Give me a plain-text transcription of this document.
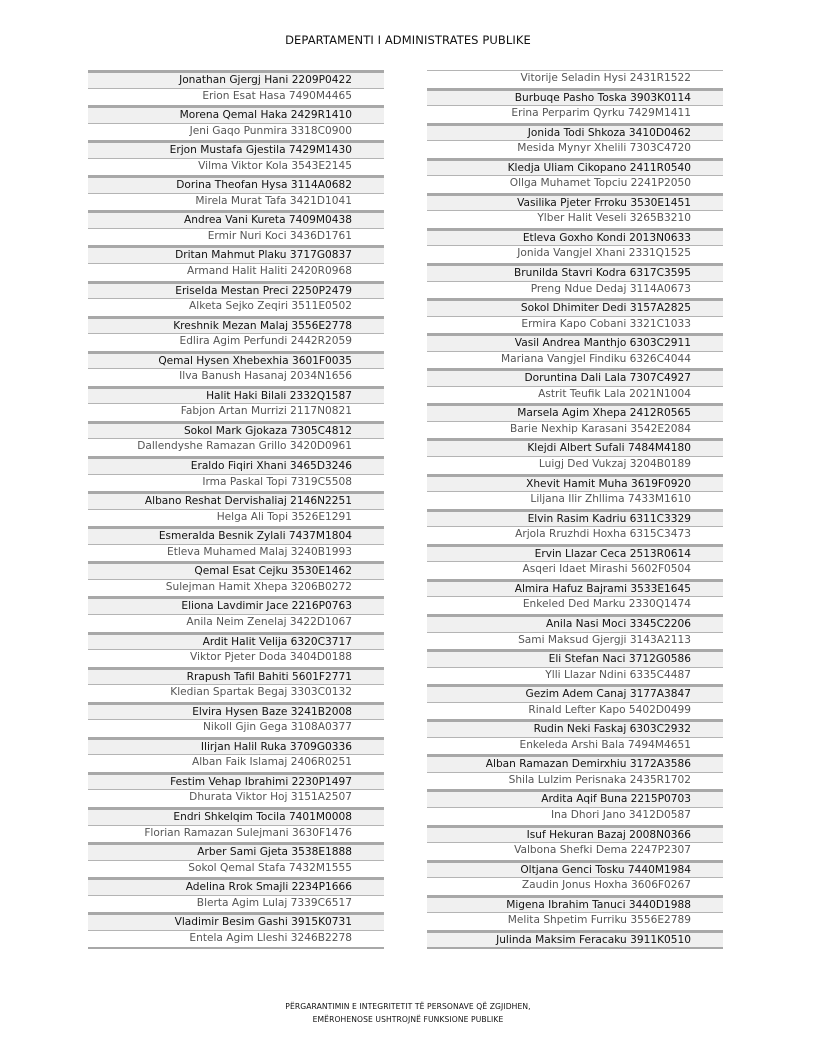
DEPARTAMENTI I ADMINISTRATES PUBLIKE
Jonathan Gjergj Hani 2209P0422
Erion Esat Hasa 7490M4465
Morena Qemal Haka 2429R1410
Jeni Gaqo Punmira 3318C0900
Erjon Mustafa Gjestila 7429M1430
Vilma Viktor Kola 3543E2145
Dorina Theofan Hysa 3114A0682
Mirela Murat Tafa 3421D1041
Andrea Vani Kureta 7409M0438
Ermir Nuri Koci 3436D1761
Dritan Mahmut Plaku 3717G0837
Armand Halit Haliti 2420R0968
Eriselda Mestan Preci 2250P2479
Alketa Sejko Zeqiri 3511E0502
Kreshnik Mezan Malaj 3556E2778
Edlira Agim Perfundi 2442R2059
Qemal Hysen Xhebexhia 3601F0035
Ilva Banush Hasanaj 2034N1656
Halit Haki Bilali 2332Q1587
Fabjon Artan Murrizi 2117N0821
Sokol Mark Gjokaza 7305C4812
Dallendyshe Ramazan Grillo 3420D0961
Eraldo Fiqiri Xhani 3465D3246
Irma Paskal Topi 7319C5508
Albano Reshat Dervishaliaj 2146N2251
Helga Ali Topi 3526E1291
Esmeralda Besnik Zylali 7437M1804
Etleva Muhamed Malaj 3240B1993
Qemal Esat Cejku 3530E1462
Sulejman Hamit Xhepa 3206B0272
Eliona Lavdimir Jace 2216P0763
Anila Neim Zenelaj 3422D1067
Ardit Halit Velija 6320C3717
Viktor Pjeter Doda 3404D0188
Rrapush Tafil Bahiti 5601F2771
Kledian Spartak Begaj 3303C0132
Elvira Hysen Baze 3241B2008
Nikoll Gjin Gega 3108A0377
Ilirjan Halil Ruka 3709G0336
Alban Faik Islamaj 2406R0251
Festim Vehap Ibrahimi 2230P1497
Dhurata Viktor Hoj 3151A2507
Endri Shkelqim Tocila 7401M0008
Florian Ramazan Sulejmani 3630F1476
Arber Sami Gjeta 3538E1888
Sokol Qemal Stafa 7432M1555
Adelina Rrok Smajli 2234P1666
Blerta Agim Lulaj 7339C6517
Vladimir Besim Gashi 3915K0731
Entela Agim Lleshi 3246B2278
Vitorije Seladin Hysi 2431R1522
Burbuqe Pasho Toska 3903K0114
Erina Perparim Qyrku 7429M1411
Jonida Todi Shkoza 3410D0462
Mesida Mynyr Xhelili 7303C4720
Kledja Uliam Cikopano 2411R0540
Ollga Muhamet Topciu 2241P2050
Vasilika Pjeter Frroku 3530E1451
Ylber Halit Veseli 3265B3210
Etleva Goxho Kondi 2013N0633
Jonida Vangjel Xhani 2331Q1525
Brunilda Stavri Kodra 6317C3595
Preng Ndue Dedaj 3114A0673
Sokol Dhimiter Dedi 3157A2825
Ermira Kapo Cobani 3321C1033
Vasil Andrea Manthjo 6303C2911
Mariana Vangjel Findiku 6326C4044
Doruntina Dali Lala 7307C4927
Astrit Teufik Lala 2021N1004
Marsela Agim Xhepa 2412R0565
Barie Nexhip Karasani 3542E2084
Klejdi Albert Sufali 7484M4180
Luigj Ded Vukzaj 3204B0189
Xhevit Hamit Muha 3619F0920
Liljana Ilir Zhllima 7433M1610
Elvin Rasim Kadriu 6311C3329
Arjola Rruzhdi Hoxha 6315C3473
Ervin Llazar Ceca 2513R0614
Asqeri Idaet Mirashi 5602F0504
Almira Hafuz Bajrami 3533E1645
Enkeled Ded Marku 2330Q1474
Anila Nasi Moci 3345C2206
Sami Maksud Gjergji 3143A2113
Eli Stefan Naci 3712G0586
Ylli Llazar Ndini 6335C4487
Gezim Adem Canaj 3177A3847
Rinald Lefter Kapo 5402D0499
Rudin Neki Faskaj 6303C2932
Enkeleda Arshi Bala 7494M4651
Alban Ramazan Demirxhiu 3172A3586
Shila Lulzim Perisnaka 2435R1702
Ardita Aqif Buna 2215P0703
Ina Dhori Jano 3412D0587
Isuf Hekuran Bazaj 2008N0366
Valbona Shefki Dema 2247P2307
Oltjana Genci Tosku 7440M1984
Zaudin Jonus Hoxha 3606F0267
Migena Ibrahim Tanuci 3440D1988
Melita Shpetim Furriku 3556E2789
Julinda Maksim Feracaku 3911K0510
PËRGARANTIMIN E INTEGRITETIT TË PERSONAVE QË ZGJIDHEN,
EMËROHENOSE USHTROJNË FUNKSIONE PUBLIKE
